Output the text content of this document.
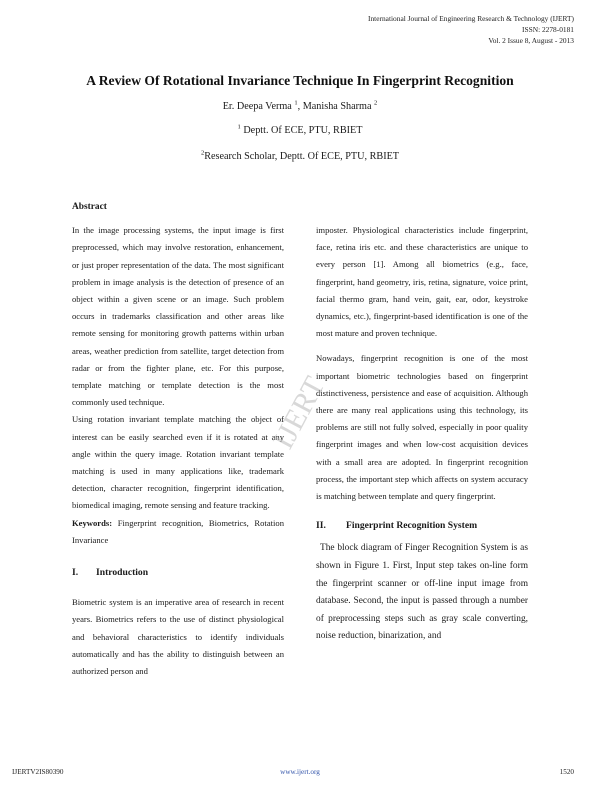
International Journal of Engineering Research & Technology (IJERT)
ISSN: 2278-0181
Vol. 2 Issue 8, August - 2013
A Review Of Rotational Invariance Technique In Fingerprint Recognition
Er. Deepa Verma $^1$, Manisha Sharma $^2$
$^1$ Deptt. Of ECE, PTU, RBIET
$^2$Research Scholar, Deptt. Of ECE, PTU, RBIET
Abstract

In the image processing systems, the input image is first preprocessed, which may involve restoration, enhancement, or just proper representation of the data. The most significant problem in image analysis is the detection of presence of an object within a given scene or an image. Such problem occurs in trademarks classification and other areas like remote sensing for monitoring growth patterns within urban areas, weather prediction from satellite, target detection from radar or from the fighter plane, etc. For this purpose, template matching or template detection is the most commonly used technique.

Using rotation invariant template matching the object of interest can be easily searched even if it is rotated at any angle within the query image. Rotation invariant template matching is used in many applications like, trademark detection, character recognition, fingerprint identification, biomedical imaging, remote sensing and feature tracking.

Keywords: Fingerprint recognition, Biometrics, Rotation Invariance

I. Introduction

Biometric system is an imperative area of research in recent years. Biometrics refers to the use of distinct physiological and behavioral characteristics to identify individuals automatically and has the ability to distinguish between an authorized person and

imposter. Physiological characteristics include fingerprint, face, retina iris etc. and these characteristics are unique to every person [1]. Among all biometrics (e.g., face, fingerprint, hand geometry, iris, retina, signature, voice print, facial thermo gram, hand vein, gait, ear, odor, keystroke dynamics, etc.), fingerprint-based identification is one of the most mature and proven technique.

Nowadays, fingerprint recognition is one of the most important biometric technologies based on fingerprint distinctiveness, persistence and ease of acquisition. Although there are many real applications using this technology, its problems are still not fully solved, especially in poor quality fingerprint images and when low-cost acquisition devices with a small area are adopted. In fingerprint recognition process, the important step which affects on system accuracy is matching between template and query fingerprint.

II. Fingerprint Recognition System

The block diagram of Finger Recognition System is as shown in Figure 1. First, Input step takes on-line form the fingerprint scanner or off-line input image from database. Second, the input is passed through a number of preprocessing steps such as gray scale converting, noise reduction, binarization, and

IJERT
IJERTV2IS80390	www.ijert.org	1520
